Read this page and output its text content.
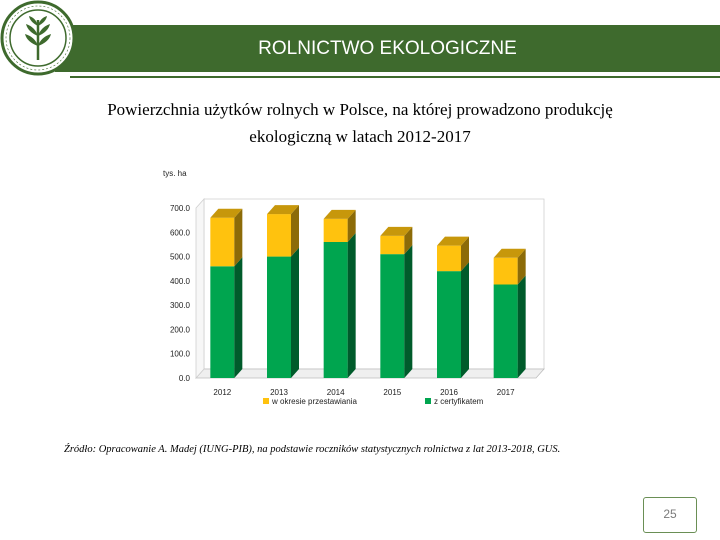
ROLNICTWO EKOLOGICZNE
Powierzchnia użytków rolnych w Polsce, na której prowadzono produkcję
ekologiczną w latach 2012-2017
0.0
100.0
200.0
300.0
400.0
500.0
600.0
700.0
tys. ha
2012	2013	2014	2015	2016	2017
w okresie przestawiania	z certyfikatem
Źródło: Opracowanie A. Madej (IUNG-PIB), na podstawie roczników statystycznych rolnictwa z lat 2013-2018, GUS.
25
